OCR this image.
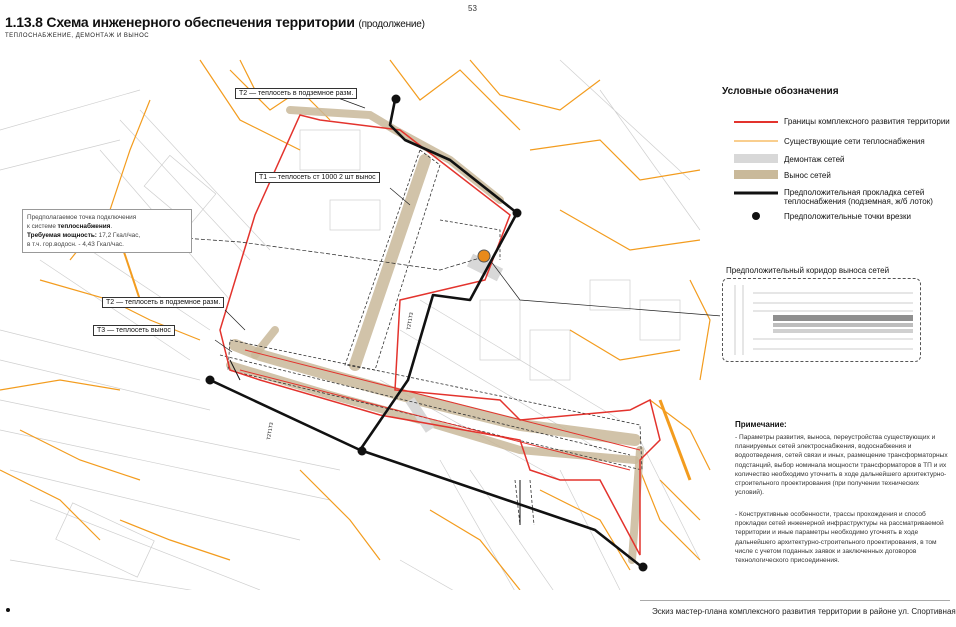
53
1.13.8 Схема инженерного обеспечения территории (продолжение)
ТЕПЛОСНАБЖЕНИЕ, ДЕМОНТАЖ И ВЫНОС
Т2Т1Т3
Т2Т1Т3
Т2 — теплосеть в подземное разм.
Т1 — теплосеть ст 1000 2 шт вынос
Т2 — теплосеть в подземное разм.
Т3 — теплосеть вынос
Предполагаемое точка подключения
к системе теплоснабжения.
Требуемая мощность: 17,2 Гкал/час,
в т.ч. гор.водосн. - 4,43 Гкал/час.
Условные обозначения
Границы комплексного развития территории
Существующие сети теплоснабжения
Демонтаж сетей
Вынос сетей
Предположительная прокладка сетей теплоснабжения (подземная, ж/б лоток)
Предположительные точки врезки
Предположительный коридор выноса сетей
Примечание:
- Параметры развития, выноса, переустройства существующих и планируемых сетей электроснабжения, водоснабжения и водоотведения, сетей связи и иных, размещение трансформаторных подстанций, выбор номинала мощности трансформаторов в ТП и их количество необходимо уточнить в ходе дальнейшего архитектурно-строительного проектирования (при получении технических условий).
- Конструктивные особенности, трассы прохождения и способ прокладки сетей инженерной инфраструктуры на рассматриваемой территории и иные параметры необходимо уточнять в ходе дальнейшего архитектурно-строительного проектирования, в том числе с учетом поданных заявок и заключенных договоров технологического присоединения.
Эскиз мастер-плана комплексного развития территории в районе ул. Спортивная
